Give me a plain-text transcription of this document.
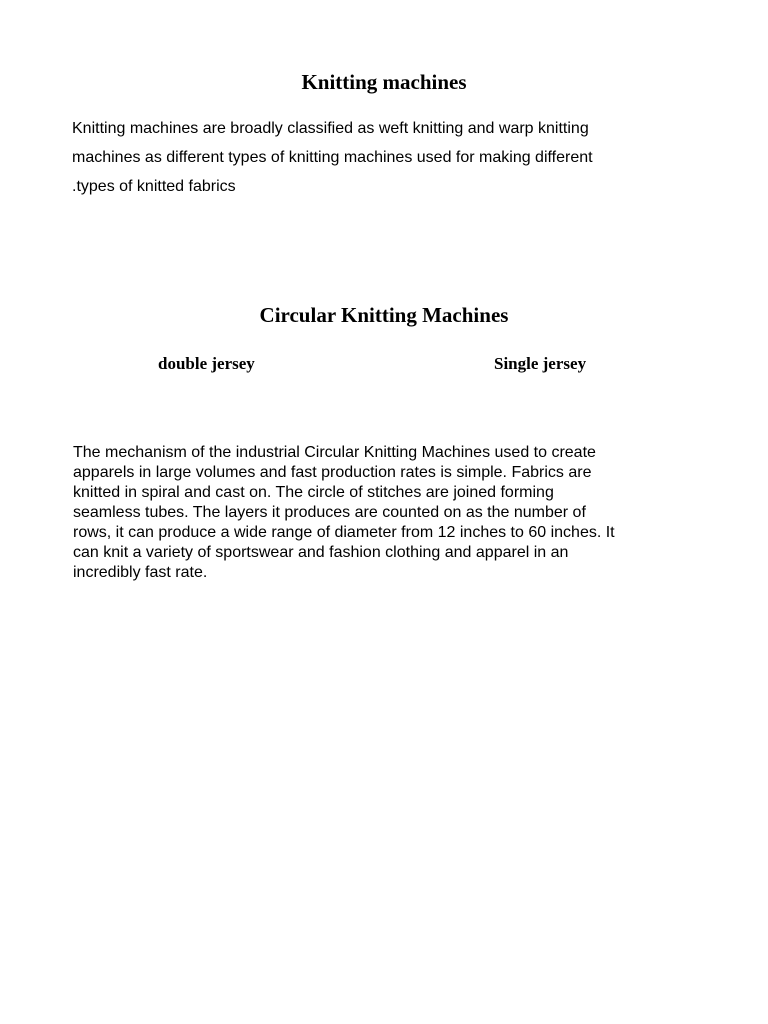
Knitting machines

Knitting machines are broadly classified as weft knitting and warp knitting

machines as different types of knitting machines used for making different

.types of knitted fabrics

Circular Knitting Machines

double jersey	Single jersey

The mechanism of the industrial Circular Knitting Machines used to create
apparels in large volumes and fast production rates is simple. Fabrics are
knitted in spiral and cast on. The circle of stitches are joined forming
seamless tubes. The layers it produces are counted on as the number of
rows, it can produce a wide range of diameter from 12 inches to 60 inches. It
can knit a variety of sportswear and fashion clothing and apparel in an
incredibly fast rate.
